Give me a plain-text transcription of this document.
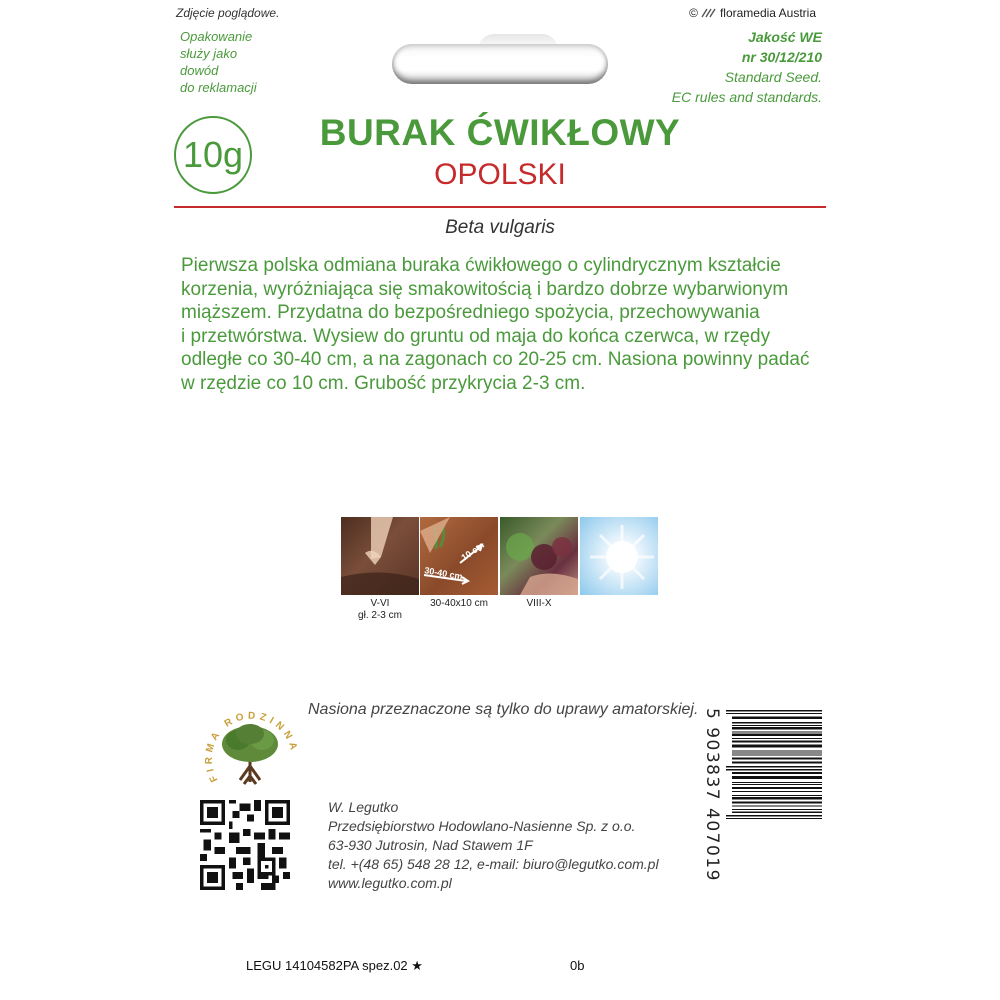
Zdjęcie poglądowe.
Opakowanie
służy jako
dowód
do reklamacji
© floramedia Austria
Jakość WE
nr 30/12/210
Standard Seed.
EC rules and standards.
10g
BURAK ĆWIKŁOWY
OPOLSKI
Beta vulgaris

Pierwsza polska odmiana buraka ćwikłowego o cylindrycznym kształcie

korzenia, wyróżniająca się smakowitością i bardzo dobrze wybarwionym

miąższem. Przydatna do bezpośredniego spożycia, przechowywania

i przetwórstwa. Wysiew do gruntu od maja do końca czerwca, w rzędy

odległe co 30-40 cm, a na zagonach co 20-25 cm. Nasiona powinny padać

w rzędzie co 10 cm. Grubość przykrycia 2-3 cm.

10 cm
30-40 cm
V-VI
gł. 2-3 cm
30-40x10 cm	VIII-X
FIRMA RODZINN
Nasiona przeznaczone są tylko do uprawy amatorskiej.
W. Legutko
Przedsiębiorstwo Hodowlano-Nasienne Sp. z o.o.
63-930 Jutrosin, Nad Stawem 1F
tel. +(48 65) 548 28 12, e-mail: biuro@legutko.com.pl
www.legutko.com.pl
5 903837 407019
LEGU 14104582PA spez.02 ★	0b
